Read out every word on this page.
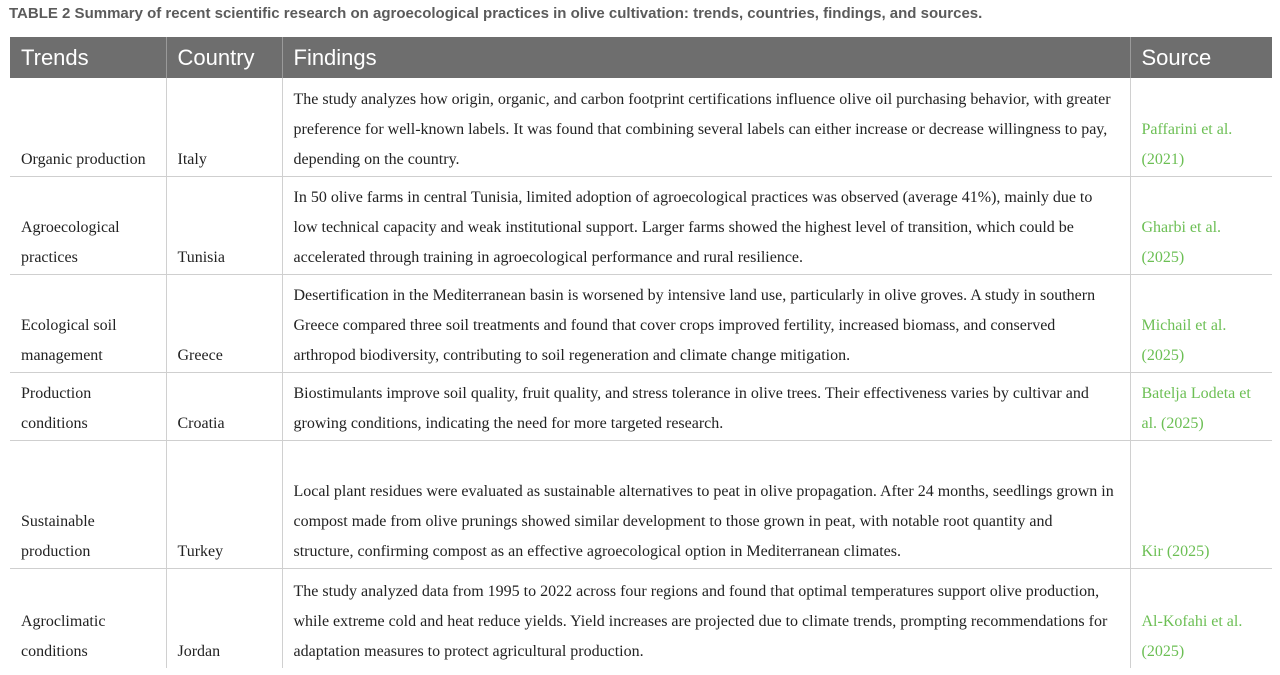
TABLE 2 Summary of recent scientific research on agroecological practices in olive cultivation: trends, countries, findings, and sources.
Trends	Country	Findings	Source
Organic production	Italy	The study analyzes how origin, organic, and carbon footprint certifications influence olive oil purchasing behavior, with greater preference for well-known labels. It was found that combining several labels can either increase or decrease willingness to pay, depending on the country.	Paffarini et al. (2021)
Agroecological practices	Tunisia	In 50 olive farms in central Tunisia, limited adoption of agroecological practices was observed (average 41%), mainly due to low technical capacity and weak institutional support. Larger farms showed the highest level of transition, which could be accelerated through training in agroecological performance and rural resilience.	Gharbi et al. (2025)
Ecological soil management	Greece	Desertification in the Mediterranean basin is worsened by intensive land use, particularly in olive groves. A study in southern Greece compared three soil treatments and found that cover crops improved fertility, increased biomass, and conserved arthropod biodiversity, contributing to soil regeneration and climate change mitigation.	Michail et al. (2025)
Production conditions	Croatia	Biostimulants improve soil quality, fruit quality, and stress tolerance in olive trees. Their effectiveness varies by cultivar and growing conditions, indicating the need for more targeted research.	Batelja Lodeta et al. (2025)
Sustainable production	Turkey	Local plant residues were evaluated as sustainable alternatives to peat in olive propagation. After 24 months, seedlings grown in compost made from olive prunings showed similar development to those grown in peat, with notable root quantity and structure, confirming compost as an effective agroecological option in Mediterranean climates.	Kir (2025)
Agroclimatic conditions	Jordan	The study analyzed data from 1995 to 2022 across four regions and found that optimal temperatures support olive production, while extreme cold and heat reduce yields. Yield increases are projected due to climate trends, prompting recommendations for adaptation measures to protect agricultural production.	Al-Kofahi et al. (2025)
